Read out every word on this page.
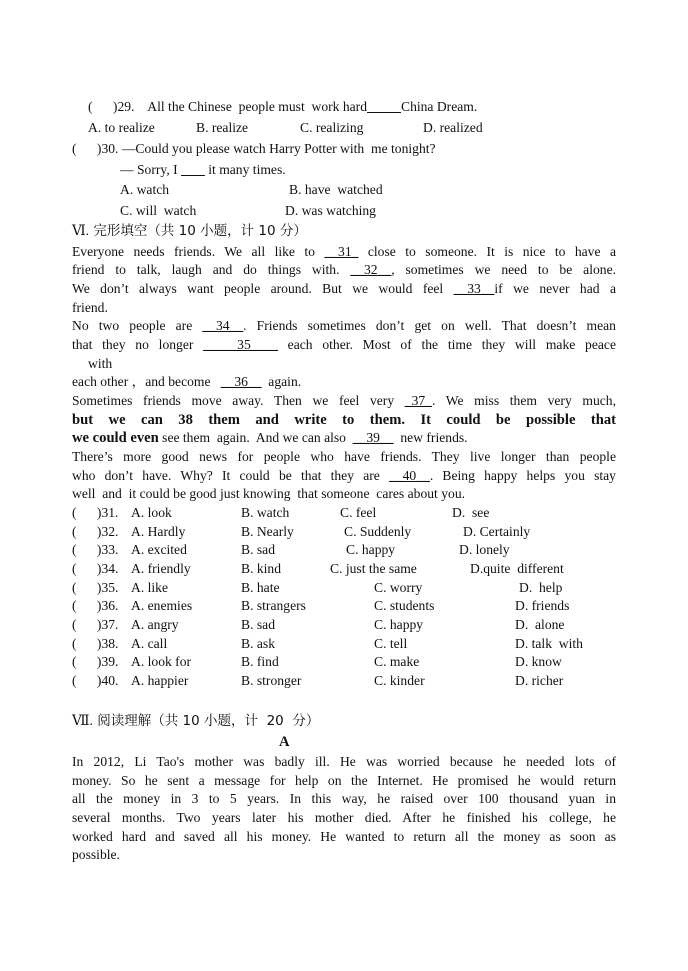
(      )29.    All the Chinese  people must  work hard China Dream.
A. to realize	B. realize	C. realizing	D. realized
(      )30. —Could you please watch Harry Potter with  me tonight?
— Sorry, I         it many times.
A. watch	B. have  watched
C. will  watch	D. was watching
Ⅵ. 完形填空（共 10 小题，计 10 分）
Everyone needs friends. We all like to __31_ close to someone. It is nice to have a
friend to talk, laugh and do things with. __32__, sometimes we need to be alone.
We don’t always want people around. But we would feel __33__if we never had a
friend.
No two people are __34__. Friends sometimes don’t get on well. That doesn’t mean
that they no longer _____35____ each other. Most of the time they will make peace
with
each other ，and become   __36__  again.
Sometimes friends move away. Then we feel very _37_. We miss them very much,
but we can 38 them and write to them. It could be possible that
we could even see them  again.  And we can also  __39__  new friends.
There’s more good news for people who have friends. They live longer than people
who don’t have. Why? It could be that they are __40__. Being happy helps you stay
well  and  it could be good just knowing  that someone  cares about you.
(      )31. A. look	B. watch	C. feel	D.  see
(      )32. A. Hardly	B. Nearly	C. Suddenly	D. Certainly
(      )33. A. excited	B. sad	C. happy	D. lonely
(      )34. A. friendly	B. kind	C. just the same	D.quite  different
(      )35. A. like	B. hate	C. worry	D.  help
(      )36. A. enemies	B. strangers	C. students	D. friends
(      )37. A. angry	B. sad	C. happy	D.  alone
(      )38. A. call	B. ask	C. tell	D. talk  with
(      )39. A. look for	B. find	C. make	D. know
(      )40. A. happier	B. stronger	C. kinder	D. richer
Ⅶ. 阅读理解（共 10 小题，计  20  分）
A
In 2012, Li Tao's mother was badly ill. He was worried because he needed lots of
money. So he sent a message for help on the Internet. He promised he would return
all the money in 3 to 5 years. In this way, he raised over 100 thousand yuan in
several months. Two years later his mother died. After he finished his college, he
worked hard and saved all his money. He wanted to return all the money as soon as
possible.
